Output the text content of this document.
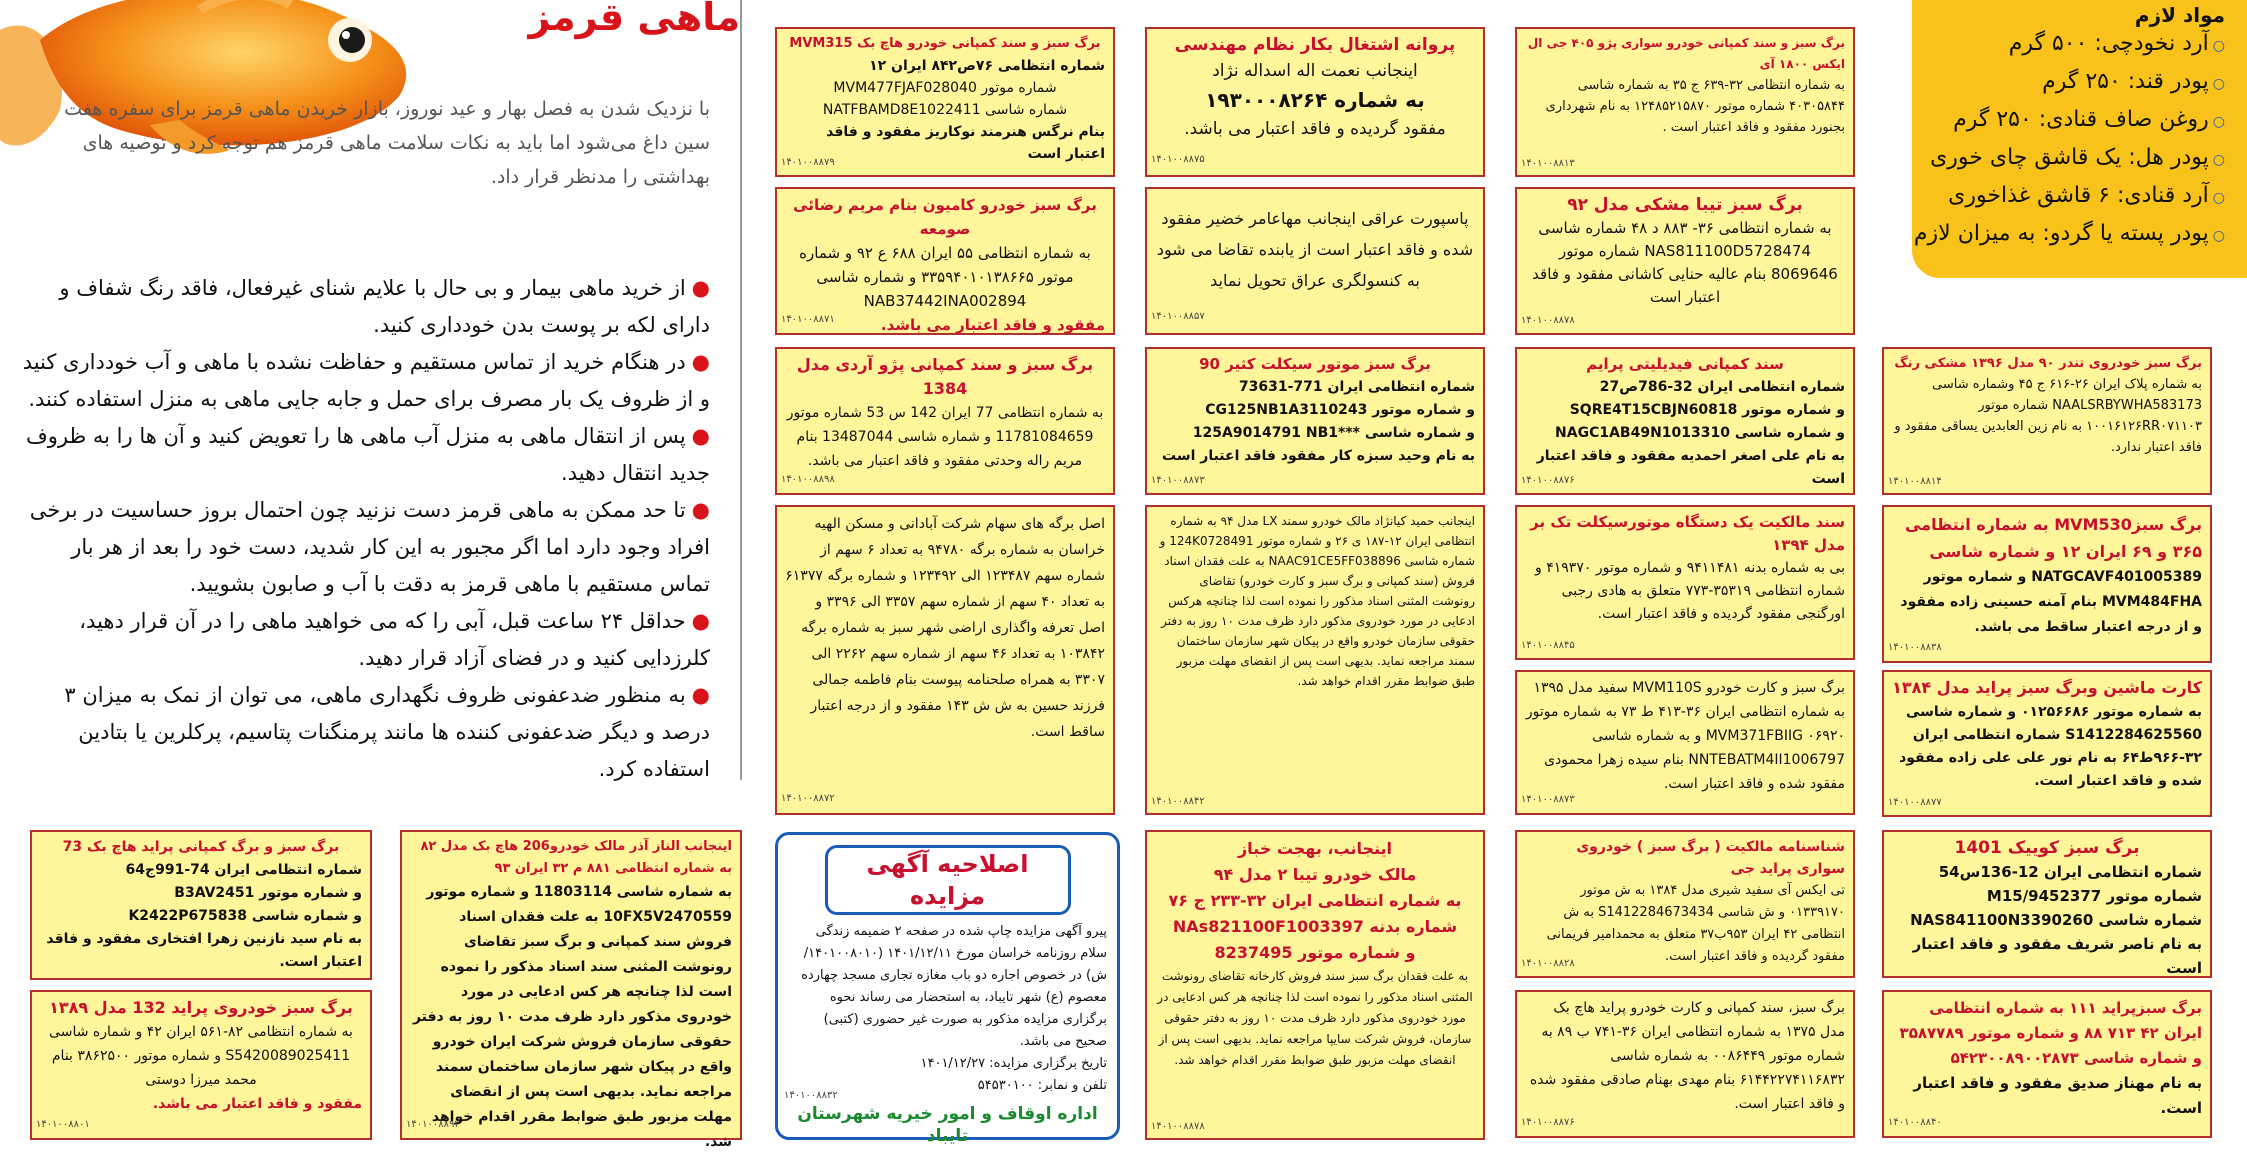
ماهی قرمز
با نزدیک شدن به فصل بهار و عید نوروز، بازار خریدن ماهی قرمز برای سفره هفت سین داغ می‌شود اما باید به نکات سلامت ماهی قرمز هم توجه کرد و توصیه های بهداشتی را مدنظر قرار داد.

●از خرید ماهی بیمار و بی حال با علایم شنای غیرفعال، فاقد رنگ شفاف و دارای لکه بر پوست بدن خودداری کنید.

●در هنگام خرید از تماس مستقیم و حفاظت نشده با ماهی و آب خودداری کنید و از ظروف یک بار مصرف برای حمل و جابه جایی ماهی به منزل استفاده کنند.

●پس از انتقال ماهی به منزل آب ماهی ها را تعویض کنید و آن ها را به ظروف جدید انتقال دهید.

●تا حد ممکن به ماهی قرمز دست نزنید چون احتمال بروز حساسیت در برخی افراد وجود دارد اما اگر مجبور به این کار شدید، دست خود را بعد از هر بار تماس مستقیم با ماهی قرمز به دقت با آب و صابون بشویید.

●حداقل ۲۴ ساعت قبل، آبی را که می خواهید ماهی را در آن قرار دهید، کلرزدایی کنید و در فضای آزاد قرار دهید.

●به منظور ضدعفونی ظروف نگهداری ماهی، می توان از نمک به میزان ۳ درصد و دیگر ضدعفونی کننده ها مانند پرمنگنات پتاسیم، پرکلرین یا بتادین استفاده کرد.

مواد لازم
○آرد نخودچی: ۵۰۰ گرم
○پودر قند: ۲۵۰ گرم
○روغن صاف قنادی: ۲۵۰ گرم
○پودر هل: یک قاشق چای خوری
○آرد قنادی: ۶ قاشق غذاخوری
○پودر پسته یا گردو: به میزان لازم
برگ سبز و سند کمپانی خودرو سواری پژو ۴۰۵ جی ال ایکس ۱۸۰۰ آی
به شماره انتظامی ۳۲-۶۳۹ ج ۳۵ به شماره شاسی ۴۰۳۰۵۸۴۴ شماره موتور ۱۲۴۸۵۲۱۵۸۷۰ به نام شهرداری بجنورد مفقود و فاقد اعتبار است .
۱۴۰۱۰۰۸۸۱۳
پروانه اشتغال بکار نظام مهندسی
اینجانب نعمت اله اسداله نژاد
به شماره ۱۹۳۰۰۰۸۲۶۴
مفقود گردیده و فاقد اعتبار می باشد.
۱۴۰۱۰۰۸۸۷۵
برگ سبز و سند کمپانی خودرو هاچ بک MVM315
شماره انتظامی ۷۶ص۸۴۲ ایران ۱۲
شماره موتور MVM477FJAF028040
شماره شاسی NATFBAMD8E1022411
بنام نرگس هنرمند نوکاریز مفقود و فاقد اعتبار است
۱۴۰۱۰۰۸۸۷۹
برگ سبز تیبا مشکی مدل ۹۲
به شماره انتظامی ۳۶- ۸۸۳ د ۴۸ شماره شاسی NAS811100D5728474 شماره موتور 8069646 بنام عالیه حنایی کاشانی مفقود و فاقد اعتبار است
۱۴۰۱۰۰۸۸۷۸
پاسپورت عراقی اینجانب مهاعامر خضیر مفقود شده و فاقد اعتبار است از یابنده تقاضا می شود به کنسولگری عراق تحویل نماید
۱۴۰۱۰۰۸۸۵۷
برگ سبز خودرو کامیون بنام مریم رضائی صومعه
به شماره انتظامی ۵۵ ایران ۶۸۸ ع ۹۲ و شماره موتور ۳۳۵۹۴۰۱۰۱۳۸۶۶۵ و شماره شاسی NAB37442INA002894
مفقود و فاقد اعتبار می باشد.
۱۴۰۱۰۰۸۸۷۱
برگ سبز خودروی تندر ۹۰ مدل ۱۳۹۶ مشکی رنگ
به شماره پلاک ایران ۲۶-۶۱۶ ج ۴۵ وشماره شاسی NAALSRBYWHA583173 شماره موتور ۱۰۰۱۶۱۲۶RR۰۷۱۱۰۳ به نام زین العابدین یساقی مفقود و فاقد اعتبار ندارد.
۱۴۰۱۰۰۸۸۱۴
سند کمپانی فیدیلیتی پرایم
شماره انتظامی ایران 32-786ص27
و شماره موتور SQRE4T15CBJN60818
و شماره شاسی NAGC1AB49N1013310
به نام علی اصغر احمدیه مفقود و فاقد اعتبار است
۱۴۰۱۰۰۸۸۷۶
برگ سبز موتور سیکلت کثیر 90
شماره انتظامی ایران 771-73631
و شماره موتور CG125NB1A3110243
و شماره شاسی ***125A9014791 NB1
به نام وحید سبزه کار مفقود فاقد اعتبار است
۱۴۰۱۰۰۸۸۷۳
برگ سبز و سند کمپانی پژو آردی مدل 1384
به شماره انتظامی 77 ایران 142 س 53 شماره موتور 11781084659 و شماره شاسی 13487044 بنام مریم راله وحدتی مفقود و فاقد اعتبار می باشد.
۱۴۰۱۰۰۸۸۹۸
برگ سبزMVM530 به شماره انتظامی ۳۶۵ و ۶۹ ایران ۱۲ و شماره شاسی
NATGCAVF401005389 و شماره موتور MVM484FHA بنام آمنه حسینی زاده مفقود و از درجه اعتبار ساقط می باشد.
۱۴۰۱۰۰۸۸۳۸
سند مالکیت یک دستگاه موتورسیکلت تک بر مدل ۱۳۹۴
بی به شماره بدنه ۹۴۱۱۴۸۱ و شماره موتور ۴۱۹۳۷۰ و شماره انتظامی ۳۵۳۱۹-۷۷۳ متعلق به هادی رجبی اورگنجی مفقود گردیده و فاقد اعتبار است.
۱۴۰۱۰۰۸۸۴۵
اینجانب حمید کیانژاد مالک خودرو سمند LX مدل ۹۴ به شماره انتظامی ایران ۱۲-۱۸۷ ی ۲۶ و شماره موتور 124K0728491 و شماره شاسی NAAC91CE5FF038896 به علت فقدان اسناد فروش (سند کمپانی و برگ سبز و کارت خودرو) تقاضای رونوشت المثنی اسناد مذکور را نموده است لذا چنانچه هرکس ادعایی در مورد خودروی مذکور دارد ظرف مدت ۱۰ روز به دفتر حقوقی سازمان خودرو واقع در پیکان شهر سازمان ساختمان سمند مراجعه نماید. بدیهی است پس از انقضای مهلت مزبور طبق ضوابط مقرر اقدام خواهد شد.
۱۴۰۱۰۰۸۸۴۲
اصل برگه های سهام شرکت آبادانی و مسکن الهیه خراسان به شماره برگه ۹۴۷۸۰ به تعداد ۶ سهم از شماره سهم ۱۲۳۴۸۷ الی ۱۲۳۴۹۲ و شماره برگه ۶۱۳۷۷ به تعداد ۴۰ سهم از شماره سهم ۳۳۵۷ الی ۳۳۹۶ و اصل تعرفه واگذاری اراضی شهر سبز به شماره برگه ۱۰۳۸۴۲ به تعداد ۴۶ سهم از شماره سهم ۲۲۶۲ الی ۳۳۰۷ به همراه صلحنامه پیوست بنام فاطمه جمالی فرزند حسین به ش ش ۱۴۳ مفقود و از درجه اعتبار ساقط است.
۱۴۰۱۰۰۸۸۷۲
کارت ماشین وبرگ سبز پراید مدل ۱۳۸۴ به شماره موتور ۰۱۲۵۶۶۸۶ و شماره شاسی S1412284625560 شماره انتظامی ایران ۳۲-۹۶۶ط۶۴ به نام نور علی علی زاده مفقود شده و فاقد اعتبار است.
۱۴۰۱۰۰۸۸۷۷
برگ سبز و کارت خودرو MVM110S سفید مدل ۱۳۹۵ به شماره انتظامی ایران ۳۶-۴۱۳ ط ۷۳ به شماره موتور ۰۶۹۲۰ MVM371FBIIG و به شماره شاسی NNTEBATM4II1006797 بنام سیده زهرا محمودی مفقود شده و فاقد اعتبار است.
۱۴۰۱۰۰۸۸۷۳
برگ سبز کوییک 1401
شماره انتظامی ایران 12-136س54
شماره موتور M15/9452377
شماره شاسی NAS841100N3390260
به نام ناصر شریف مفقود و فاقد اعتبار است
شناسنامه مالکیت ( برگ سبز ) خودروی سواری پراید جی
تی ایکس آی سفید شیری مدل ۱۳۸۴ به ش موتور ۰۱۳۳۹۱۷۰ و ش شاسی S1412284673434 به ش انتظامی ۴۲ ایران ۹۵۳ب۳۷ متعلق به محمدامیر فریمانی مفقود گردیده و فاقد اعتبار است.
۱۴۰۱۰۰۸۸۲۸
اینجانب، بهجت خباز
مالک خودرو تیبا ۲ مدل ۹۴
به شماره انتظامی ایران ۳۲-۲۳۳ ج ۷۶
شماره بدنه NAs821100F1003397
و شماره موتور 8237495
به علت فقدان برگ سبز سند فروش کارخانه تقاضای رونوشت المثنی اسناد مذکور را نموده است لذا چنانچه هر کس ادعایی در مورد خودروی مذکور دارد ظرف مدت ۱۰ روز به دفتر حقوقی سازمان، فروش شرکت سایپا مراجعه نماید. بدیهی است پس از انقضای مهلت مزبور طبق ضوابط مقرر اقدام خواهد شد.
۱۴۰۱۰۰۸۸۷۸
اینجانب الناز آذر مالک خودرو206 هاچ بک مدل ۸۲ به شماره انتظامی ۸۸۱ م ۳۲ ایران ۹۳
به شماره شاسی 11803114 و شماره موتور 10FX5V2470559 به علت فقدان اسناد فروش سند کمپانی و برگ سبز تقاضای رونوشت المثنی سند اسناد مذکور را نموده است لذا چنانچه هر کس ادعایی در مورد خودروی مذکور دارد ظرف مدت ۱۰ روز به دفتر حقوقی سازمان فروش شرکت ایران خودرو واقع در پیکان شهر سازمان ساختمان سمند مراجعه نماید. بدیهی است پس از انقضای مهلت مزبور طبق ضوابط مقرر اقدام خواهد شد.
۱۴۰۱۰۰۸۸۹۳
برگ سبز و برگ کمپانی پراید هاچ بک 73
شماره انتظامی ایران 74-991ج64
و شماره موتور B3AV2451
و شماره شاسی K2422P675838
به نام سید نازنین زهرا افتخاری مفقود و فاقد اعتبار است.
برگ سبزپراید ۱۱۱ به شماره انتظامی ایران ۴۲ ۷۱۳ ۸۸ و شماره موتور ۳۵۸۷۷۸۹ و شماره شاسی ۵۴۲۳۰۰۸۹۰۰۲۸۷۳
به نام مهناز صدیق مفقود و فاقد اعتبار است.
۱۴۰۱۰۰۸۸۴۰
برگ سبز، سند کمپانی و کارت خودرو پراید هاچ بک مدل ۱۳۷۵ به شماره انتظامی ایران ۳۶-۷۴۱ ب ۸۹ به شماره موتور ۰۰۸۶۴۴۹ به شماره شاسی ۶۱۴۴۲۲۷۴۱۱۶۸۳۲ بنام مهدی بهنام صادقی مفقود شده و فاقد اعتبار است.
۱۴۰۱۰۰۸۸۷۶
برگ سبز خودروی پراید 132 مدل ۱۳۸۹
به شماره انتظامی ۸۲-۵۶۱ ایران ۴۲ و شماره شاسی S5420089025411 و شماره موتور ۳۸۶۲۵۰۰ بنام محمد میرزا دوستی
مفقود و فاقد اعتبار می باشد.
۱۴۰۱۰۰۸۸۰۱
اصلاحیه آگهی مزایده
پیرو آگهی مزایده چاپ شده در صفحه ۲ ضمیمه زندگی سلام روزنامه خراسان مورخ ۱۴۰۱/۱۲/۱۱ (۱۴۰۱۰۰۸۰۱۰/ش) در خصوص اجاره دو باب مغازه تجاری مسجد چهارده معصوم (ع) شهر تایباد، به استحضار می رساند نحوه برگزاری مزایده مذکور به صورت غیر حضوری (کتبی) صحیح می باشد.
تاریخ برگزاری مزایده: ۱۴۰۱/۱۲/۲۷
تلفن و نمابر: ۵۴۵۳۰۱۰۰
اداره اوقاف و امور خیریه شهرستان تایباد
۱۴۰۱۰۰۸۸۳۲
